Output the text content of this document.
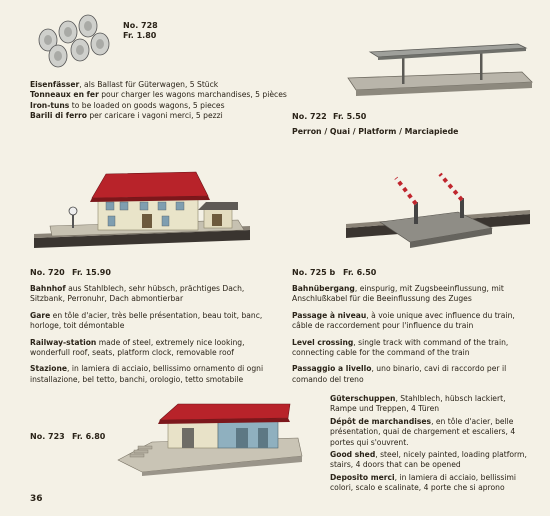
No. 728
Fr. 1.80

Eisenfässer, als Ballast für Güterwagen, 5 Stück

Tonneaux en fer pour charger les wagons marchandises, 5 pièces

Iron-tuns to be loaded on goods wagons, 5 pieces

Barili di ferro per caricare i vagoni merci, 5 pezzi	No. 722 Fr. 5.50
Perron / Quai / Platform / Marciapiede
No. 720 Fr. 15.90

Bahnhof aus Stahlblech, sehr hübsch, prächtiges Dach, Sitzbank, Perronuhr, Dach abmontierbar

Gare en tôle d'acier, très belle présentation, beau toit, banc, horloge, toit démontable

Railway-station made of steel, extremely nice looking, wonderfull roof, seats, platform clock, removable roof

Stazione, in lamiera di acciaio, bellissimo ornamento di ogni installazione, bel tetto, banchi, orologio, tetto smotabile

No. 725 b Fr. 6.50

Bahnübergang, einspurig, mit Zugsbeeinflussung, mit Anschlußkabel für die Beeinflussung des Zuges

Passage à niveau, à voie unique avec influence du train, câble de raccordement pour l'influence du train

Level crossing, single track with command of the train, connecting cable for the command of the train

Passaggio a livello, uno binario, cavi di raccordo per il comando del treno

No. 723 Fr. 6.80

Güterschuppen, Stahlblech, hübsch lackiert, Rampe und Treppen, 4 Türen

Dépôt de marchandises, en tôle d'acier, belle présentation, quai de chargement et escaliers, 4 portes qui s'ouvrent.

Good shed, steel, nicely painted, loading platform, stairs, 4 doors that can be opened

Deposito merci, in lamiera di acciaio, bellissimi colori, scalo e scalinate, 4 porte che si aprono

36
